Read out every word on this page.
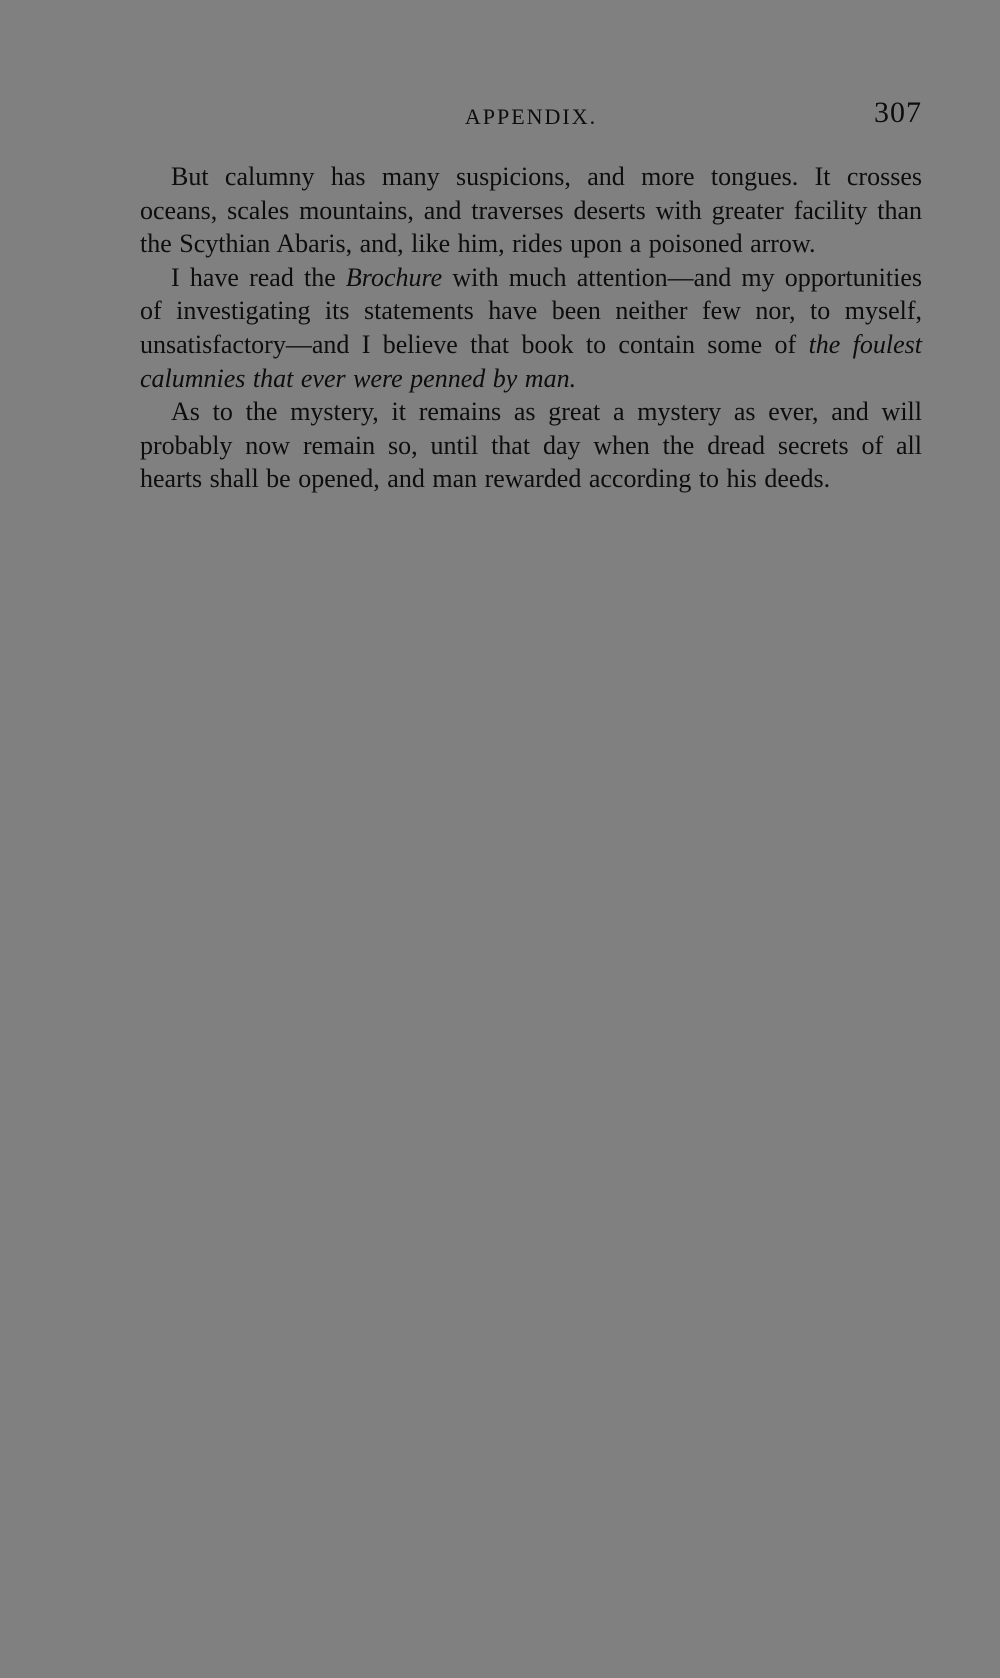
APPENDIX.	307

But calumny has many suspicions, and more tongues. It crosses oceans, scales mountains, and traverses deserts with greater facility than the Scythian Abaris, and, like him, rides upon a poisoned arrow.

I have read the Brochure with much attention—and my opportunities of investigating its statements have been neither few nor, to myself, unsatisfactory—and I believe that book to contain some of the foulest calumnies that ever were penned by man.

As to the mystery, it remains as great a mystery as ever, and will probably now remain so, until that day when the dread secrets of all hearts shall be opened, and man rewarded according to his deeds.
